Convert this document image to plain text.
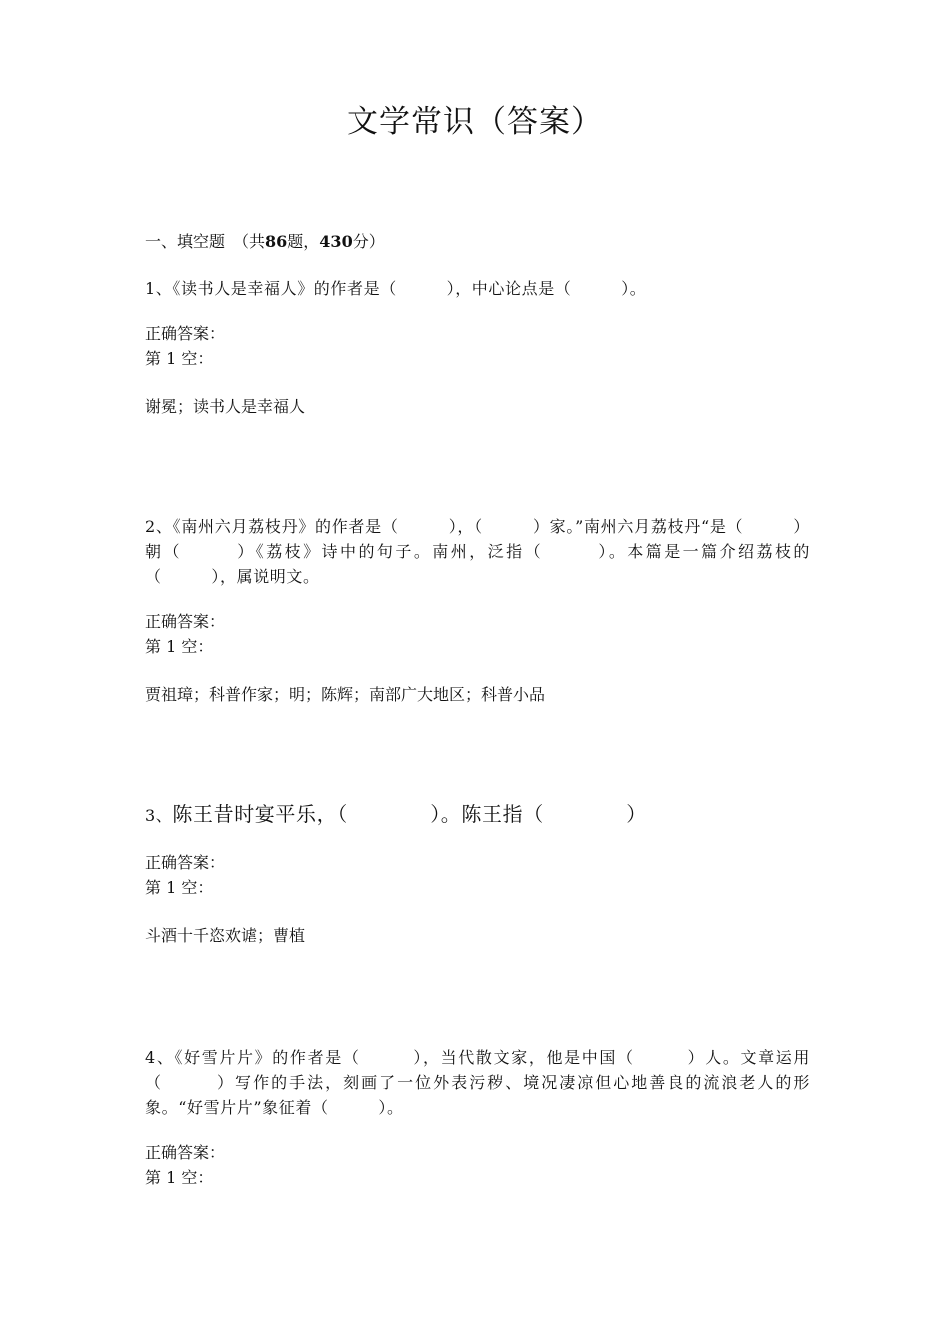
文学常识（答案）
一、填空题　（共86题，430分）
1、《读书人是幸福人》的作者是（　　　），中心论点是（　　　）。
正确答案：
第 1 空：
谢冕；读书人是幸福人
2、《南州六月荔枝丹》的作者是（　　　），（　　　）家。”南州六月荔枝丹“是（　　　）朝（　　　）《荔枝》诗中的句子。南州，泛指（　　　）。本篇是一篇介绍荔枝的（　　　），属说明文。
正确答案：
第 1 空：
贾祖璋；科普作家；明；陈辉；南部广大地区；科普小品
3、陈王昔时宴平乐，（　　　　）。陈王指（　　　　）
正确答案：
第 1 空：
斗酒十千恣欢谑；曹植
4、《好雪片片》的作者是（　　　），当代散文家，他是中国（　　　）人。文章运用（　　　）写作的手法，刻画了一位外表污秽、境况凄凉但心地善良的流浪老人的形象。“好雪片片”象征着（　　　）。
正确答案：
第 1 空：
